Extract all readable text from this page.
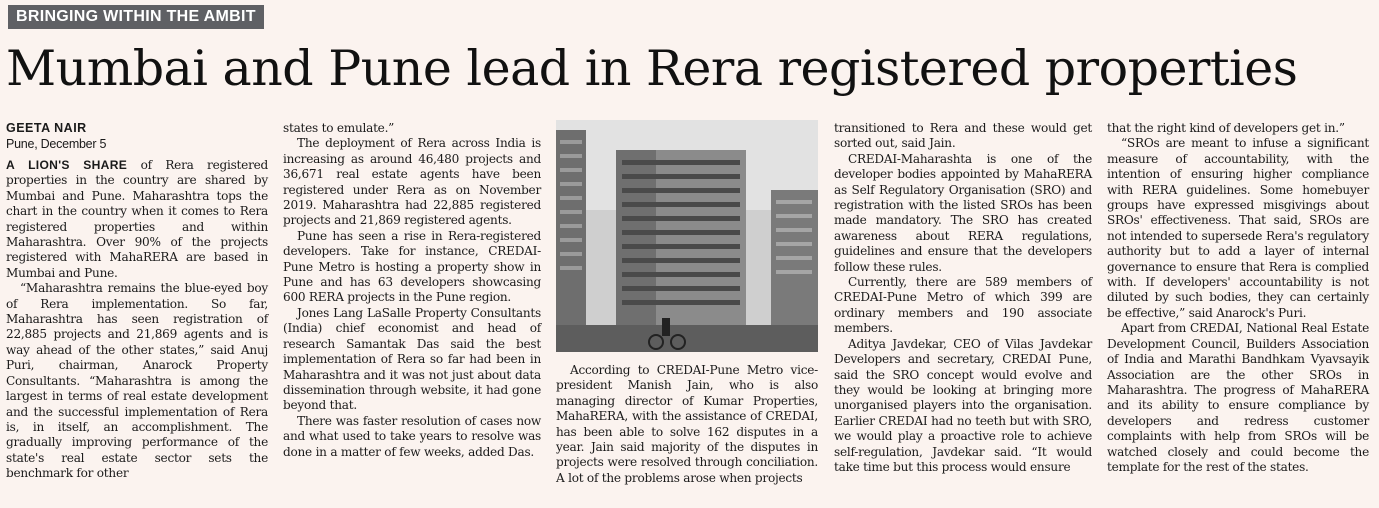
BRINGING WITHIN THE AMBIT
Mumbai and Pune lead in Rera registered properties
GEETA NAIR
Pune, December 5

A LION'S SHARE of Rera registered properties in the country are shared by Mumbai and Pune. Maharashtra tops the chart in the country when it comes to Rera registered properties and within Maharashtra. Over 90% of the projects registered with MahaRERA are based in Mumbai and Pune.

“Maharashtra remains the blue-eyed boy of Rera implementation. So far, Maharashtra has seen registration of 22,885 projects and 21,869 agents and is way ahead of the other states,” said Anuj Puri, chairman, Anarock Property Consultants. “Maharashtra is among the largest in terms of real estate development and the successful implementation of Rera is, in itself, an accomplishment. The gradually improving performance of the state's real estate sector sets the benchmark for other

states to emulate.”

The deployment of Rera across India is increasing as around 46,480 projects and 36,671 real estate agents have been registered under Rera as on November 2019. Maharashtra had 22,885 registered projects and 21,869 registered agents.

Pune has seen a rise in Rera-registered developers. Take for instance, CREDAI-Pune Metro is hosting a property show in Pune and has 63 developers showcasing 600 RERA projects in the Pune region.

Jones Lang LaSalle Property Consultants (India) chief economist and head of research Samantak Das said the best implementation of Rera so far had been in Maharashtra and it was not just about data dissemination through website, it had gone beyond that.

There was faster resolution of cases now and what used to take years to resolve was done in a matter of few weeks, added Das.

According to CREDAI-Pune Metro vice-president Manish Jain, who is also managing director of Kumar Properties, MahaRERA, with the assistance of CREDAI, has been able to solve 162 disputes in a year. Jain said majority of the disputes in projects were resolved through conciliation. A lot of the problems arose when projects

transitioned to Rera and these would get sorted out, said Jain.

CREDAI-Maharashta is one of the developer bodies appointed by MahaRERA as Self Regulatory Organisation (SRO) and registration with the listed SROs has been made mandatory. The SRO has created awareness about RERA regulations, guidelines and ensure that the developers follow these rules.

Currently, there are 589 members of CREDAI-Pune Metro of which 399 are ordinary members and 190 associate members.

Aditya Javdekar, CEO of Vilas Javdekar Developers and secretary, CREDAI Pune, said the SRO concept would evolve and they would be looking at bringing more unorganised players into the organisation. Earlier CREDAI had no teeth but with SRO, we would play a proactive role to achieve self-regulation, Javdekar said. “It would take time but this process would ensure

that the right kind of developers get in.”

“SROs are meant to infuse a significant measure of accountability, with the intention of ensuring higher compliance with RERA guidelines. Some homebuyer groups have expressed misgivings about SROs' effectiveness. That said, SROs are not intended to supersede Rera's regulatory authority but to add a layer of internal governance to ensure that Rera is complied with. If developers' accountability is not diluted by such bodies, they can certainly be effective,” said Anarock's Puri.

Apart from CREDAI, National Real Estate Development Council, Builders Association of India and Marathi Bandhkam Vyavsayik Association are the other SROs in Maharashtra. The progress of MahaRERA and its ability to ensure compliance by developers and redress customer complaints with help from SROs will be watched closely and could become the template for the rest of the states.
